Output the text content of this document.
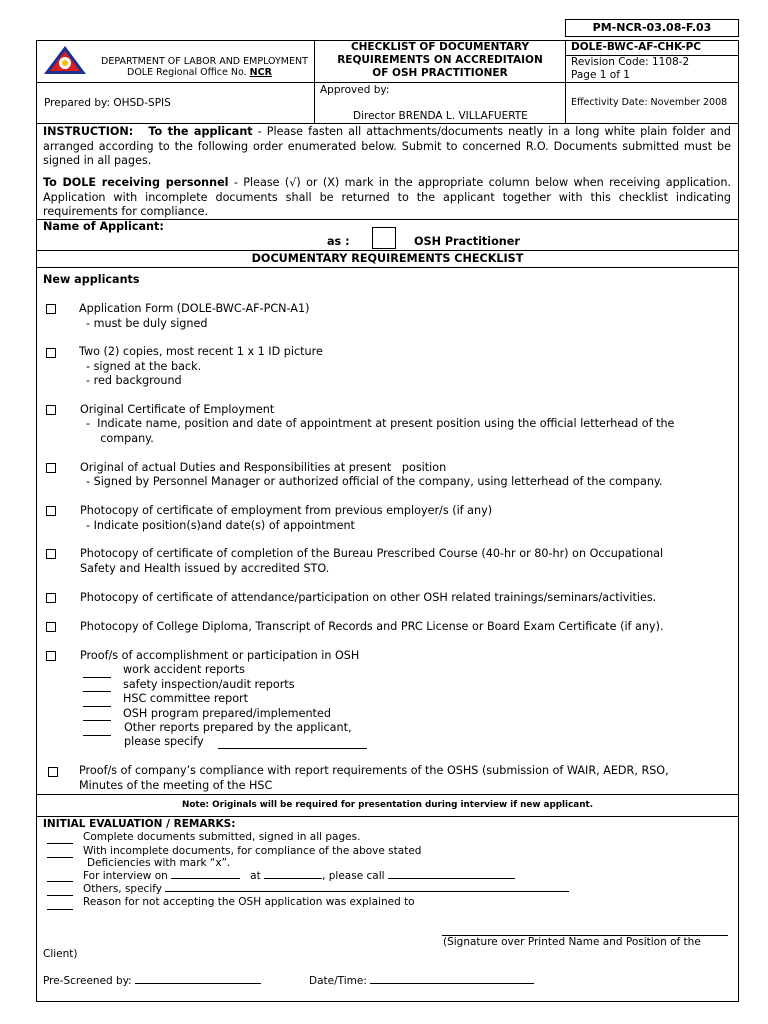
PM-NCR-03.08-F.03
DEPARTMENT OF LABOR AND EMPLOYMENT
DOLE Regional Office No. NCR
CHECKLIST OF DOCUMENTARY
REQUIREMENTS ON ACCREDITAION
OF OSH PRACTITIONER
DOLE-BWC-AF-CHK-PC
Revision Code: 1108-2
Page 1 of 1
Prepared by: OHSD-SPIS
Approved by:
Director BRENDA L. VILLAFUERTE
Effectivity Date: November 2008
INSTRUCTION: To the applicant - Please fasten all attachments/documents neatly in a long white plain folder and
arranged according to the following order enumerated below. Submit to concerned R.O. Documents submitted must be
signed in all pages.
To DOLE receiving personnel - Please (√) or (X) mark in the appropriate column below when receiving application.
Application with incomplete documents shall be returned to the applicant together with this checklist indicating
requirements for compliance.
Name of Applicant:
as :	OSH Practitioner
DOCUMENTARY REQUIREMENTS CHECKLIST
New applicants
Application Form (DOLE-BWC-AF-PCN-A1)
- must be duly signed
Two (2) copies, most recent 1 x 1 ID picture
- signed at the back.
- red background
Original Certificate of Employment
-  Indicate name, position and date of appointment at present position using the official letterhead of the
company.
Original of actual Duties and Responsibilities at present   position
- Signed by Personnel Manager or authorized official of the company, using letterhead of the company.
Photocopy of certificate of employment from previous employer/s (if any)
- Indicate position(s)and date(s) of appointment
Photocopy of certificate of completion of the Bureau Prescribed Course (40-hr or 80-hr) on Occupational
Safety and Health issued by accredited STO.
Photocopy of certificate of attendance/participation on other OSH related trainings/seminars/activities.
Photocopy of College Diploma, Transcript of Records and PRC License or Board Exam Certificate (if any).
Proof/s of accomplishment or participation in OSH
work accident reports
safety inspection/audit reports
HSC committee report
OSH program prepared/implemented
Other reports prepared by the applicant,
please specify
Proof/s of company’s compliance with report requirements of the OSHS (submission of WAIR, AEDR, RSO,
Minutes of the meeting of the HSC
Note: Originals will be required for presentation during interview if new applicant.
INITIAL EVALUATION / REMARKS:
Complete documents submitted, signed in all pages.
With incomplete documents, for compliance of the above stated
Deficiencies with mark “x”.
For interview on	at	, please call
Others, specify
Reason for not accepting the OSH application was explained to
(Signature over Printed Name and Position of the
Client)
Pre-Screened by:	Date/Time:
